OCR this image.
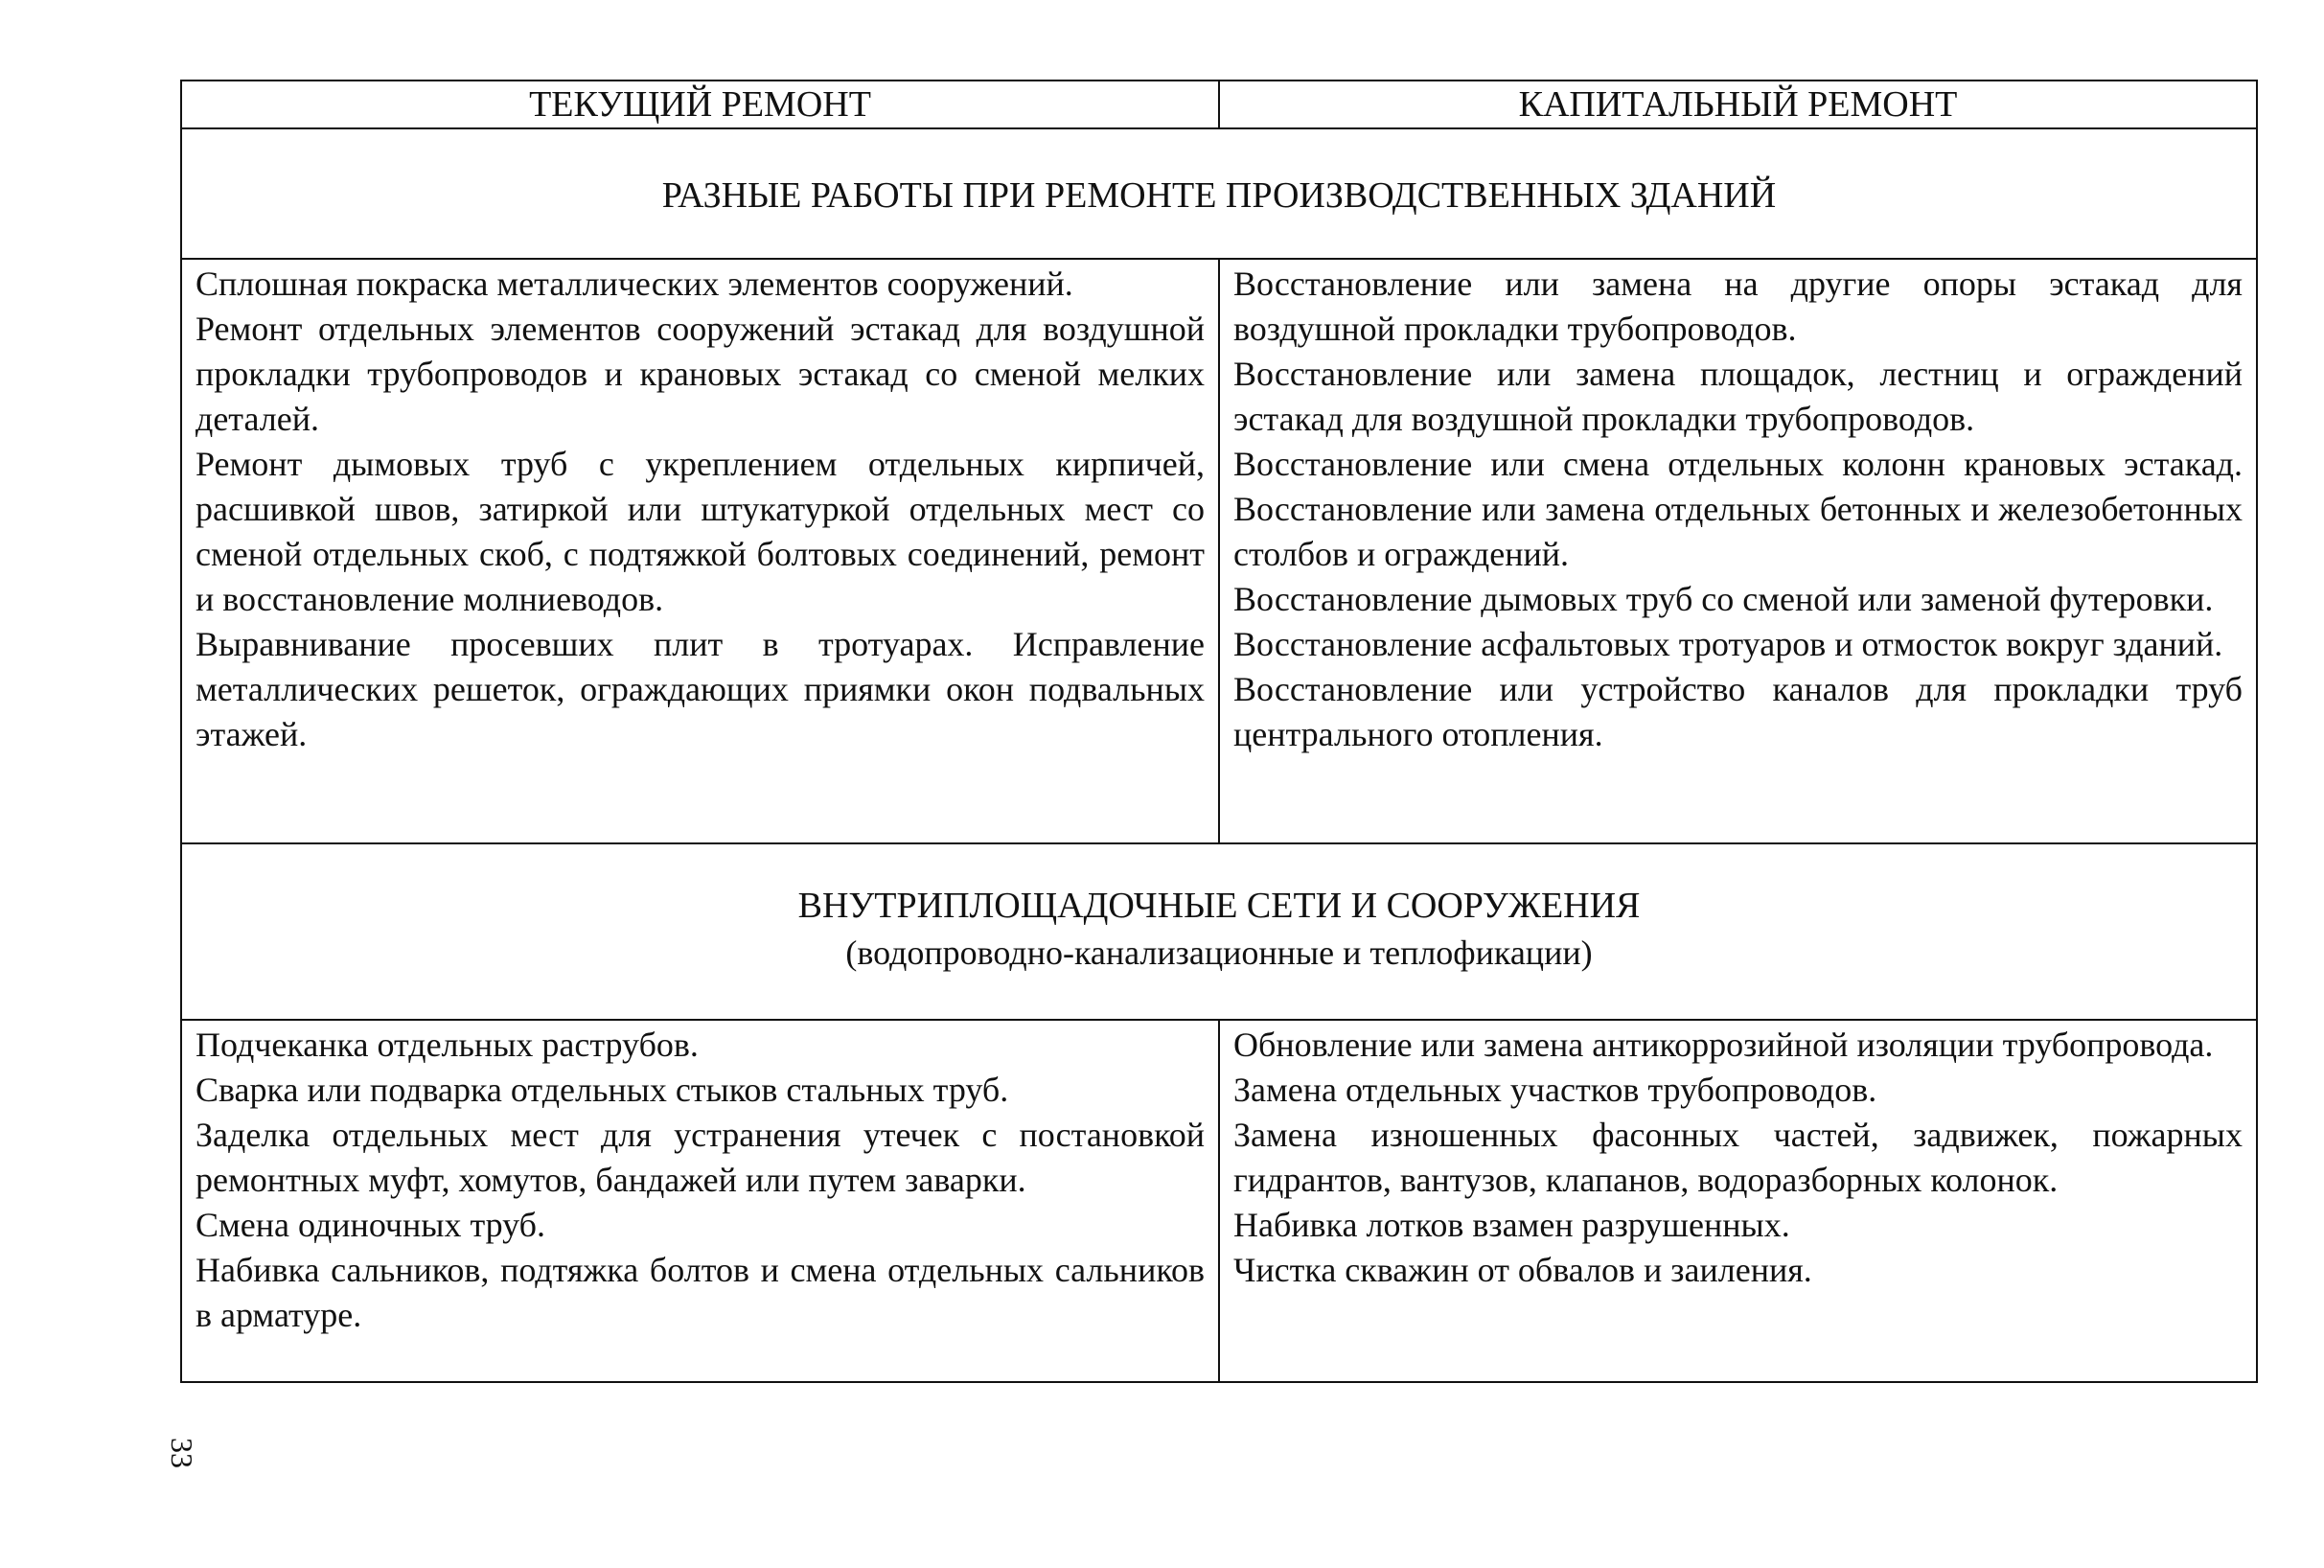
ТЕКУЩИЙ РЕМОНТ	КАПИТАЛЬНЫЙ РЕМОНТ
РАЗНЫЕ РАБОТЫ ПРИ РЕМОНТЕ ПРОИЗВОДСТВЕННЫХ ЗДАНИЙ

Сплошная покраска металлических элементов сооружений.

Ремонт отдельных элементов сооружений эстакад для воздушной прокладки трубопроводов и крановых эстакад со сменой мелких деталей.

Ремонт дымовых труб с укреплением отдельных кирпичей, расшивкой швов, затиркой или штукатуркой отдельных мест со сменой отдельных скоб, с подтяжкой болтовых соединений, ремонт и восстановление молниеводов.

Выравнивание просевших плит в тротуарах. Исправление металлических решеток, ограждающих приямки окон подвальных этажей.

Восстановление или замена на другие опоры эстакад для воздушной прокладки трубопроводов.

Восстановление или замена площадок, лестниц и ограждений эстакад для воздушной прокладки трубопроводов.

Восстановление или смена отдельных колонн крановых эстакад. Восстановление или замена отдельных бетонных и железобетонных столбов и ограждений.

Восстановление дымовых труб со сменой или заменой футеровки.

Восстановление асфальтовых тротуаров и отмосток вокруг зданий.

Восстановление или устройство каналов для прокладки труб центрального отопления.

ВНУТРИПЛОЩАДОЧНЫЕ СЕТИ И СООРУЖЕНИЯ
(водопроводно-канализационные и теплофикации)

Подчеканка отдельных раструбов.

Сварка или подварка отдельных стыков стальных труб.

Заделка отдельных мест для устранения утечек с постановкой ремонтных муфт, хомутов, бандажей или путем заварки.

Смена одиночных труб.

Набивка сальников, подтяжка болтов и смена отдельных сальников в арматуре.

Обновление или замена антикоррозийной изоляции трубопровода.

Замена отдельных участков трубопроводов.

Замена изношенных фасонных частей, задвижек, пожарных гидрантов, вантузов, клапанов, водоразборных колонок.

Набивка лотков взамен разрушенных.

Чистка скважин от обвалов и заиления.

33
